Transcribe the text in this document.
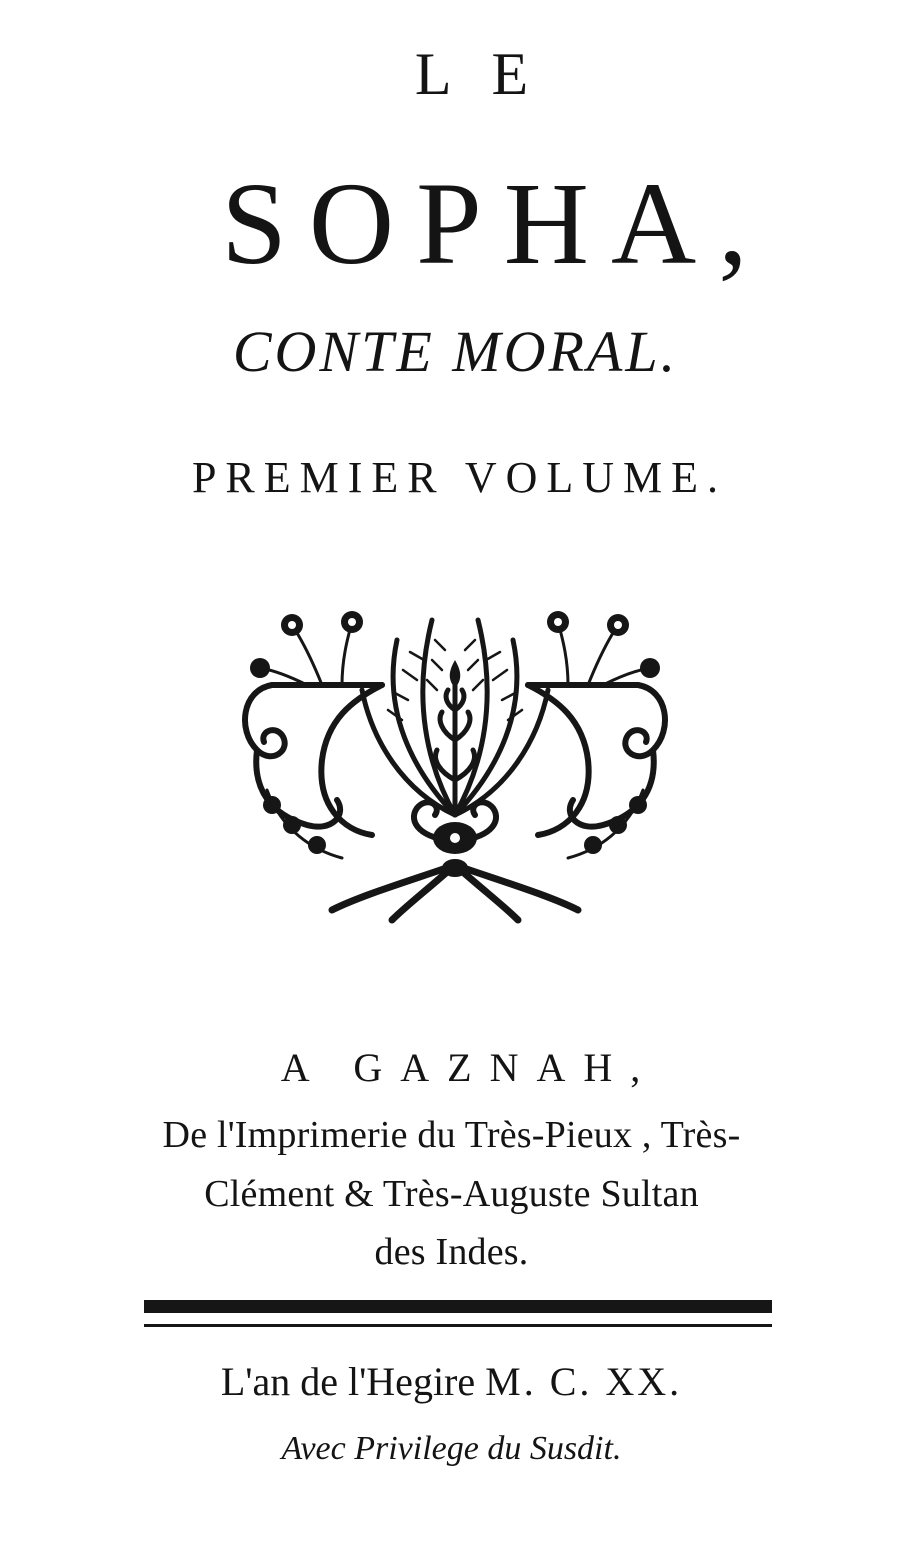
LE
SOPHA,
CONTE MORAL.
PREMIER VOLUME.
A GAZNAH,
De l'Imprimerie du Très-Pieux , Très-
Clément & Très-Auguste Sultan
des Indes.
L'an de l'Hegire M. C. XX.
Avec Privilege du Susdit.
